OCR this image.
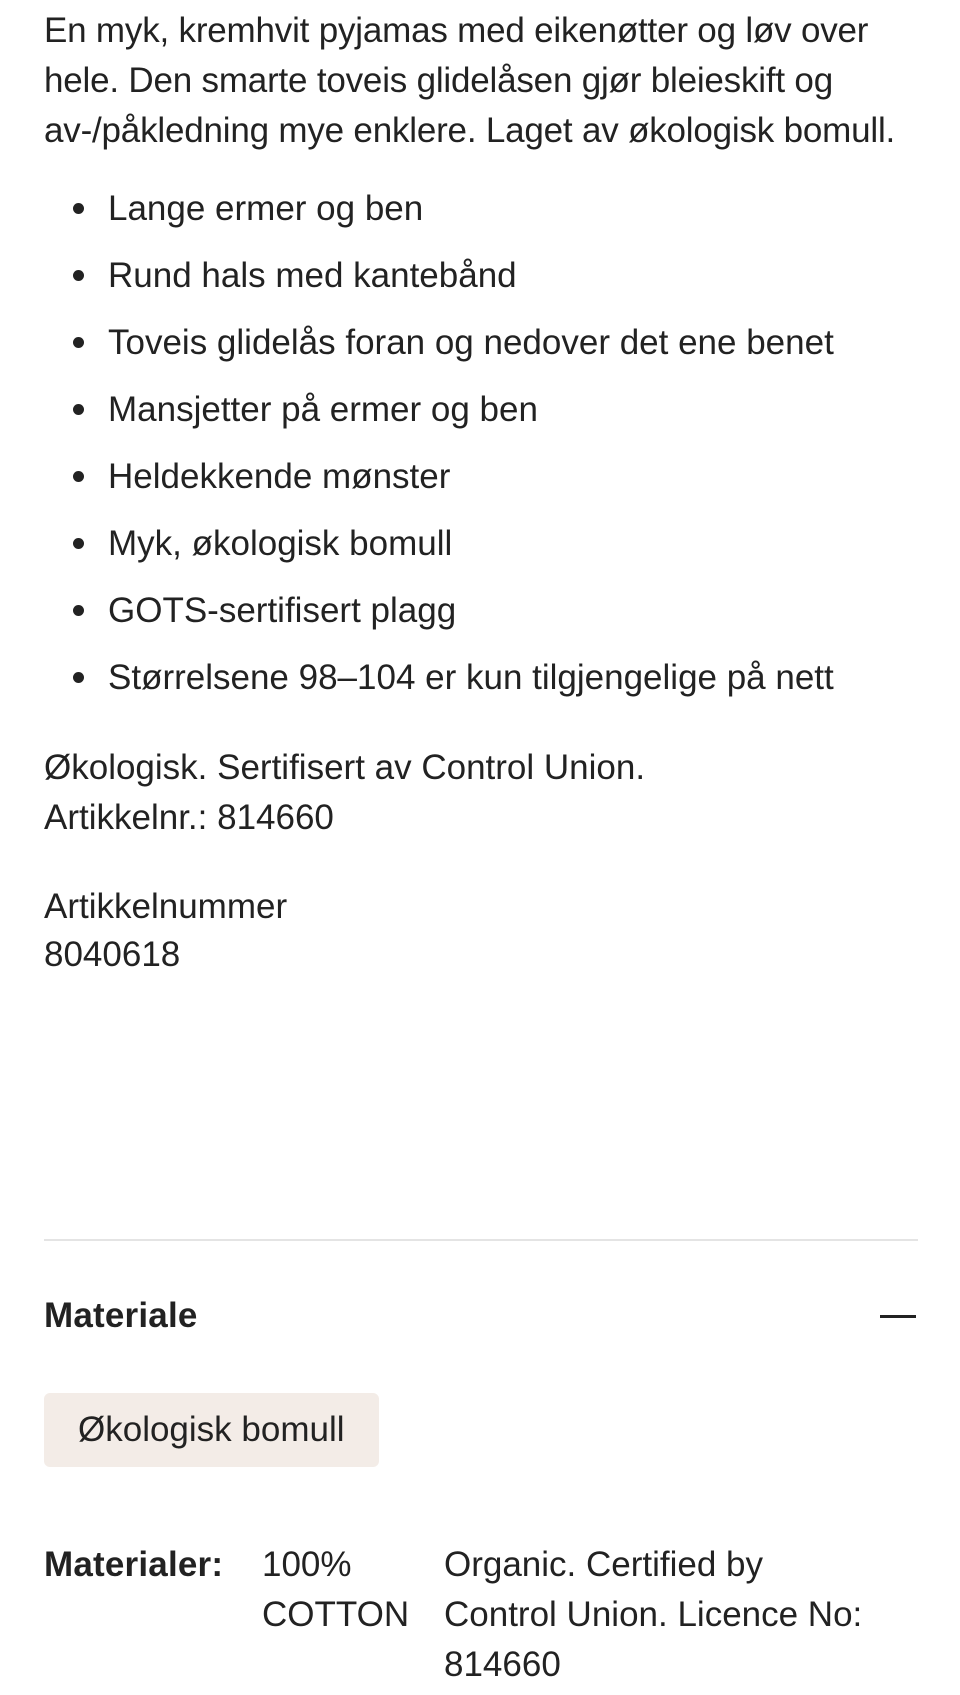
En myk, kremhvit pyjamas med eikenøtter og løv over hele. Den smarte toveis glidelåsen gjør bleieskift og av-/påkledning mye enklere. Laget av økologisk bomull.

Lange ermer og ben
Rund hals med kantebånd
Toveis glidelås foran og nedover det ene benet
Mansjetter på ermer og ben
Heldekkende mønster
Myk, økologisk bomull
GOTS-sertifisert plagg
Størrelsene 98–104 er kun tilgjengelige på nett
Økologisk. Sertifisert av Control Union.
Artikkelnr.: 814660
Artikkelnummer
8040618
Materiale
Økologisk bomull
Materialer:	100% COTTON
Organic. Certified by Control Union. Licence No: 814660
